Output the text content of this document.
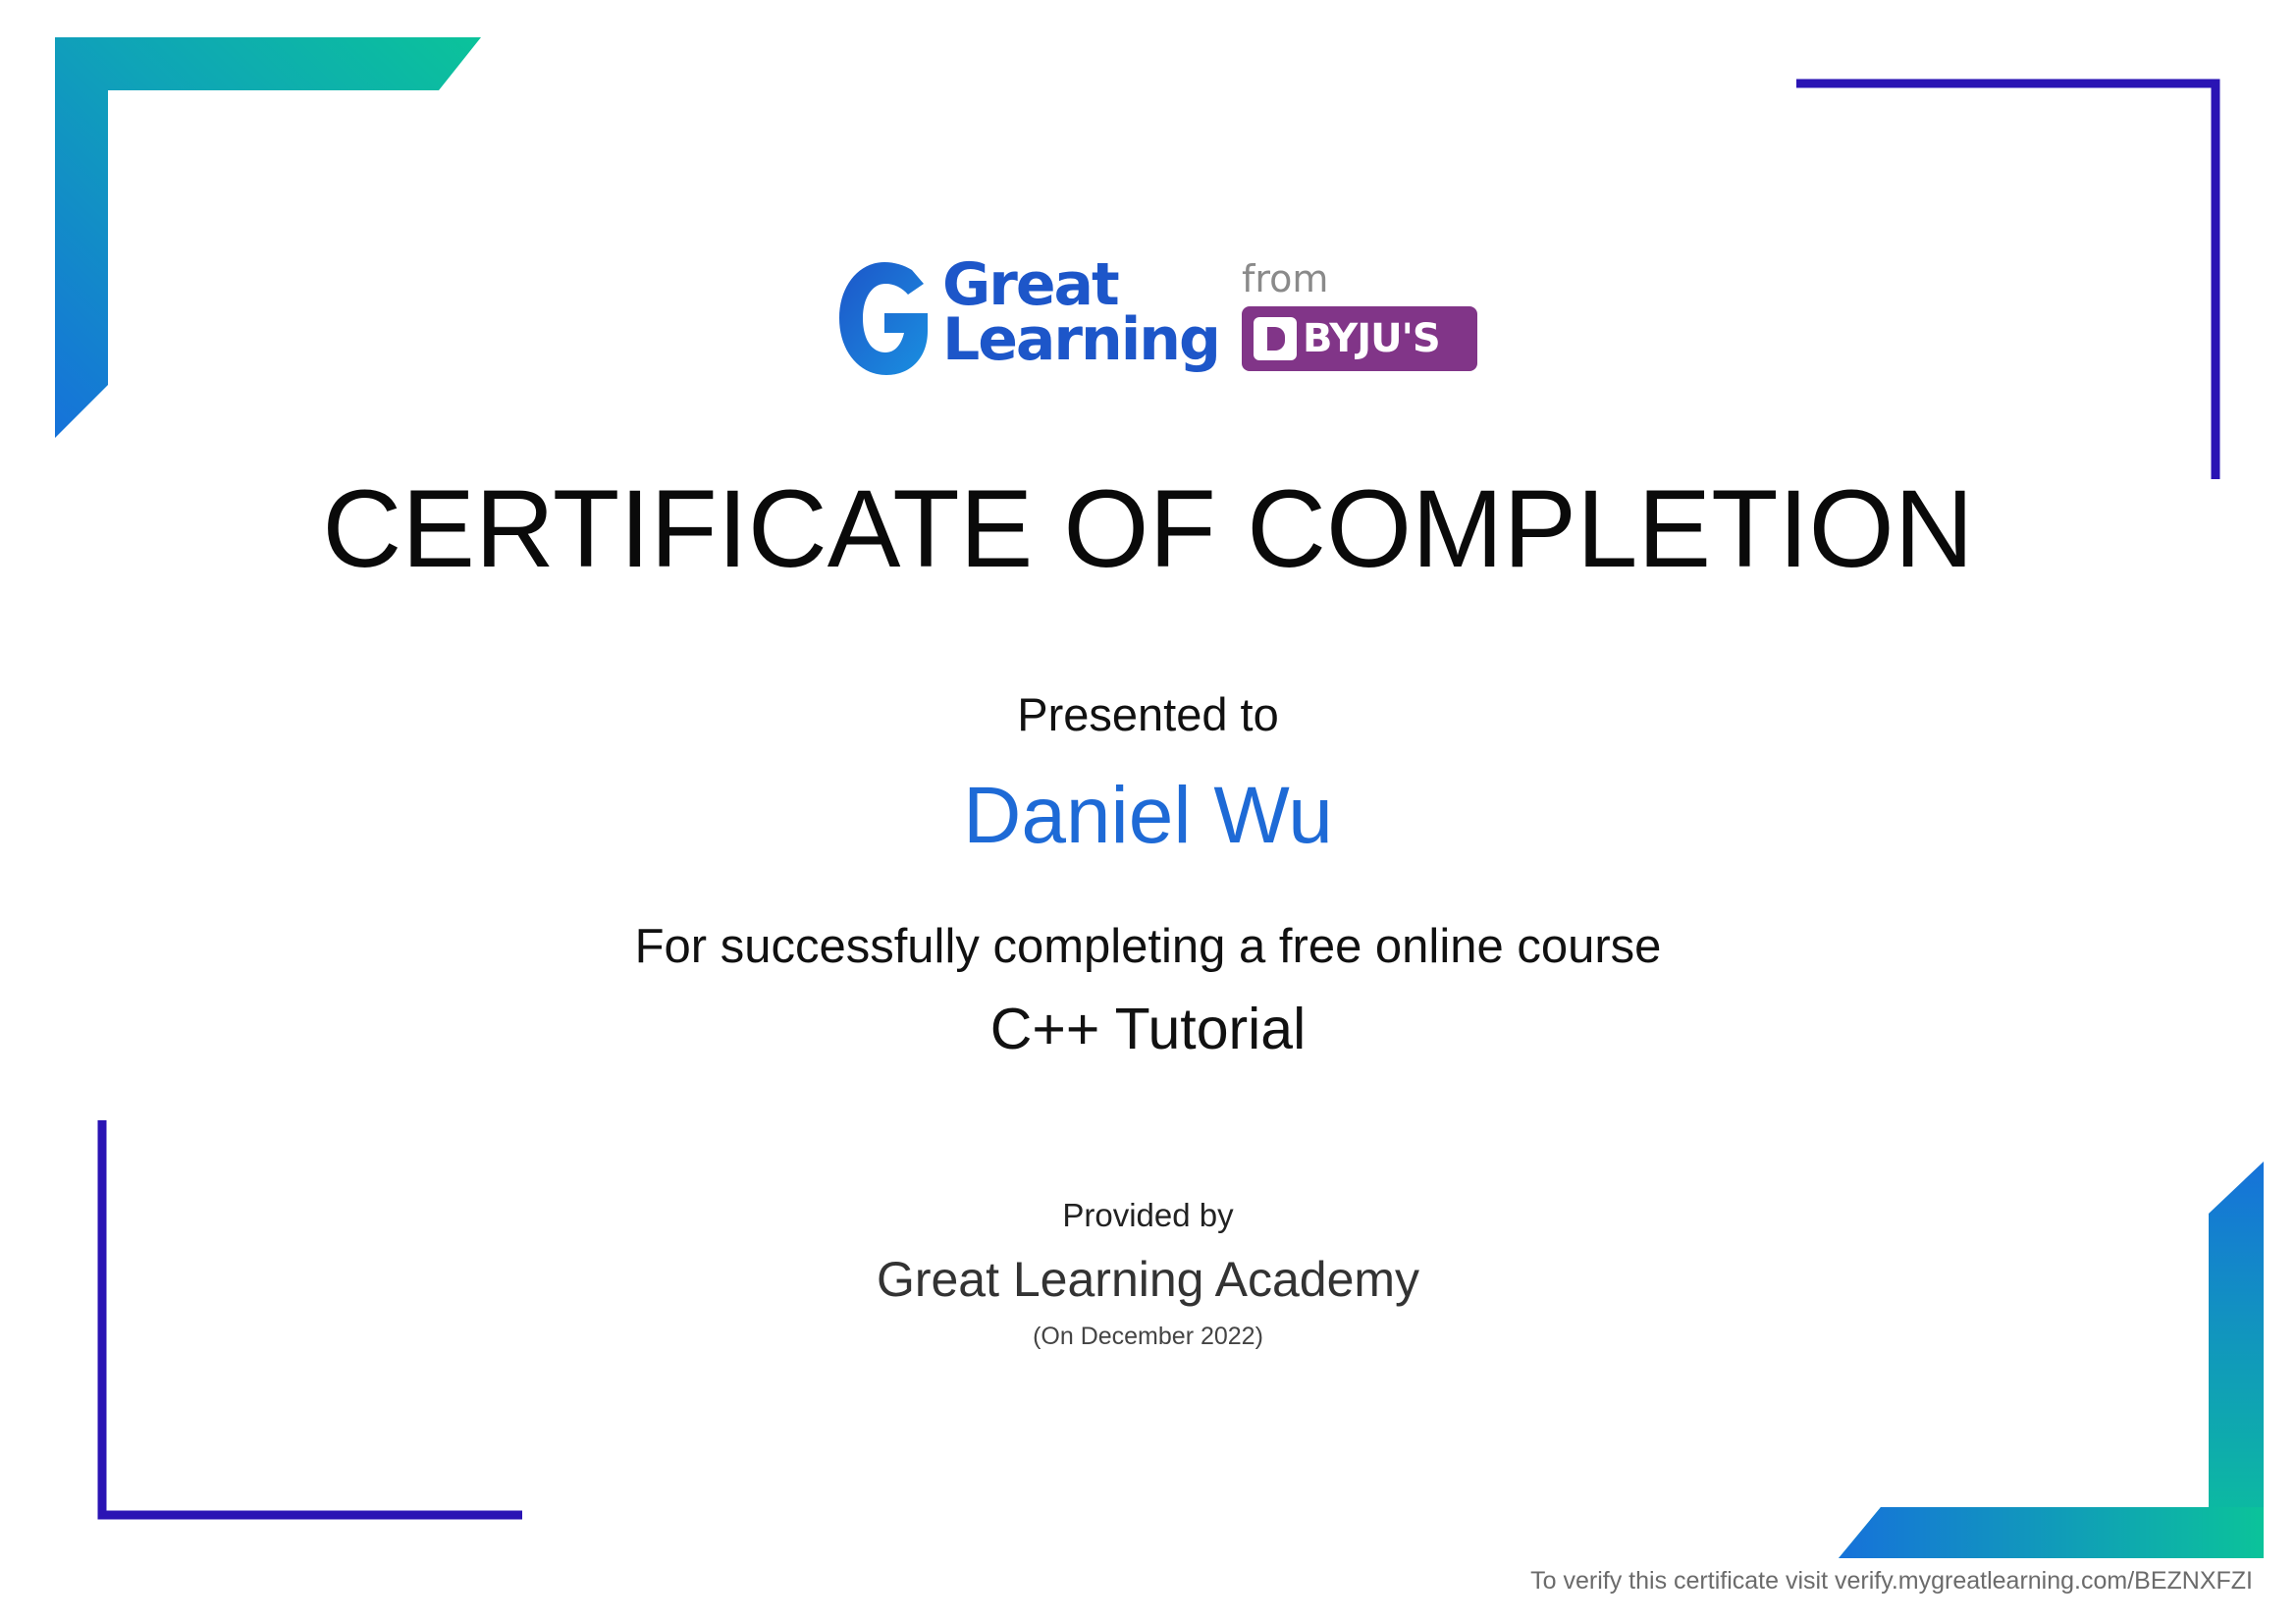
Great
Learning
from
BYJU'S
CERTIFICATE OF COMPLETION
Presented to
Daniel Wu
For successfully completing a free online course
C++ Tutorial
Provided by
Great Learning Academy
(On December 2022)
To verify this certificate visit verify.mygreatlearning.com/BEZNXFZI
